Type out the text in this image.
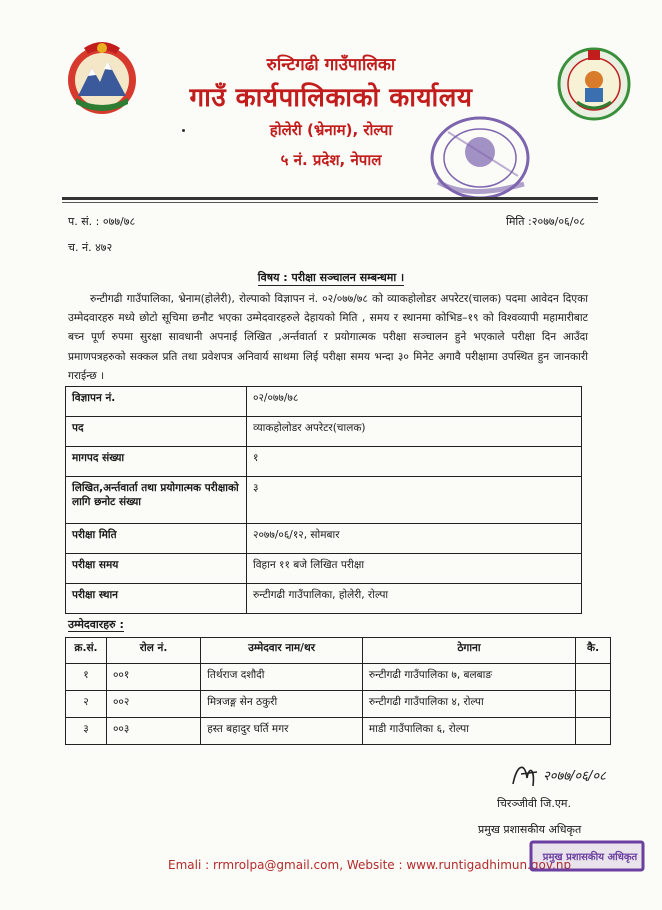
रुन्टिगढी गाउँपालिका
गाउँ कार्यपालिकाको कार्यालय
होलेरी (भ्रेनाम), रोल्पा
५ नं. प्रदेश, नेपाल
प. सं. : ०७७/७८
च. नं. ४७२
मिति :२०७७/०६/०८
विषय : परीक्षा सञ्चालन सम्बन्धमा ।
रुन्टीगढी गाउँपालिका, भ्रेनाम(होलेरी), रोल्पाको विज्ञापन नं. ०२/०७७/७८ को व्याकहोलोडर अपरेटर(चालक) पदमा आवेदन दिएका उम्मेदवारहरु मध्ये छोटो सूचिमा छनौट भएका उम्मेदवारहरुले देहायको मिति , समय र स्थानमा कोभिड–१९ को विश्वव्यापी महामारीबाट बच्न पूर्ण रुपमा सुरक्षा सावधानी अपनाई लिखित ,अर्न्तवार्ता र प्रयोगात्मक परीक्षा सञ्चालन हुने भएकाले परीक्षा दिन आउँदा प्रमाणपत्रहरुको सक्कल प्रति तथा प्रवेशपत्र अनिवार्य साथमा लिई परीक्षा समय भन्दा ३० मिनेट अगावै परीक्षामा उपस्थित हुन जानकारी गराईन्छ ।
विज्ञापन नं.	०२/०७७/७८
पद	व्याकहोलोडर अपरेटर(चालक)
मागपद संख्या	१
लिखित,अर्न्तवार्ता तथा प्रयोगात्मक परीक्षाको लागि छनोट संख्या	३
परीक्षा मिति	२०७७/०६/१२, सोमबार
परीक्षा समय	विहान ११ बजे लिखित परीक्षा
परीक्षा स्थान	रुन्टीगढी गाउँपालिका, होलेरी, रोल्पा
उम्मेदवारहरु :
क्र.सं.	रोल नं.	उम्मेदवार नाम/थर	ठेगाना	कै.
१	००१	तिर्थराज दशौदी	रुन्टीगढी गाउँपालिका ७, बलबाङ	
२	००२	मित्रजङ्ग सेन ठकुरी	रुन्टीगढी गाउँपालिका ४, रोल्पा	
३	००३	हस्त बहादुर घर्ति मगर	माडी गाउँपालिका ६, रोल्पा	
२०७७/०६/०८
चिरञ्जीवी जि.एम.
प्रमुख प्रशासकीय अधिकृत
Emali : rrmrolpa@gmail.com, Website : www.runtigadhimun.gov.np
प्रमुख प्रशासकीय अधिकृत
